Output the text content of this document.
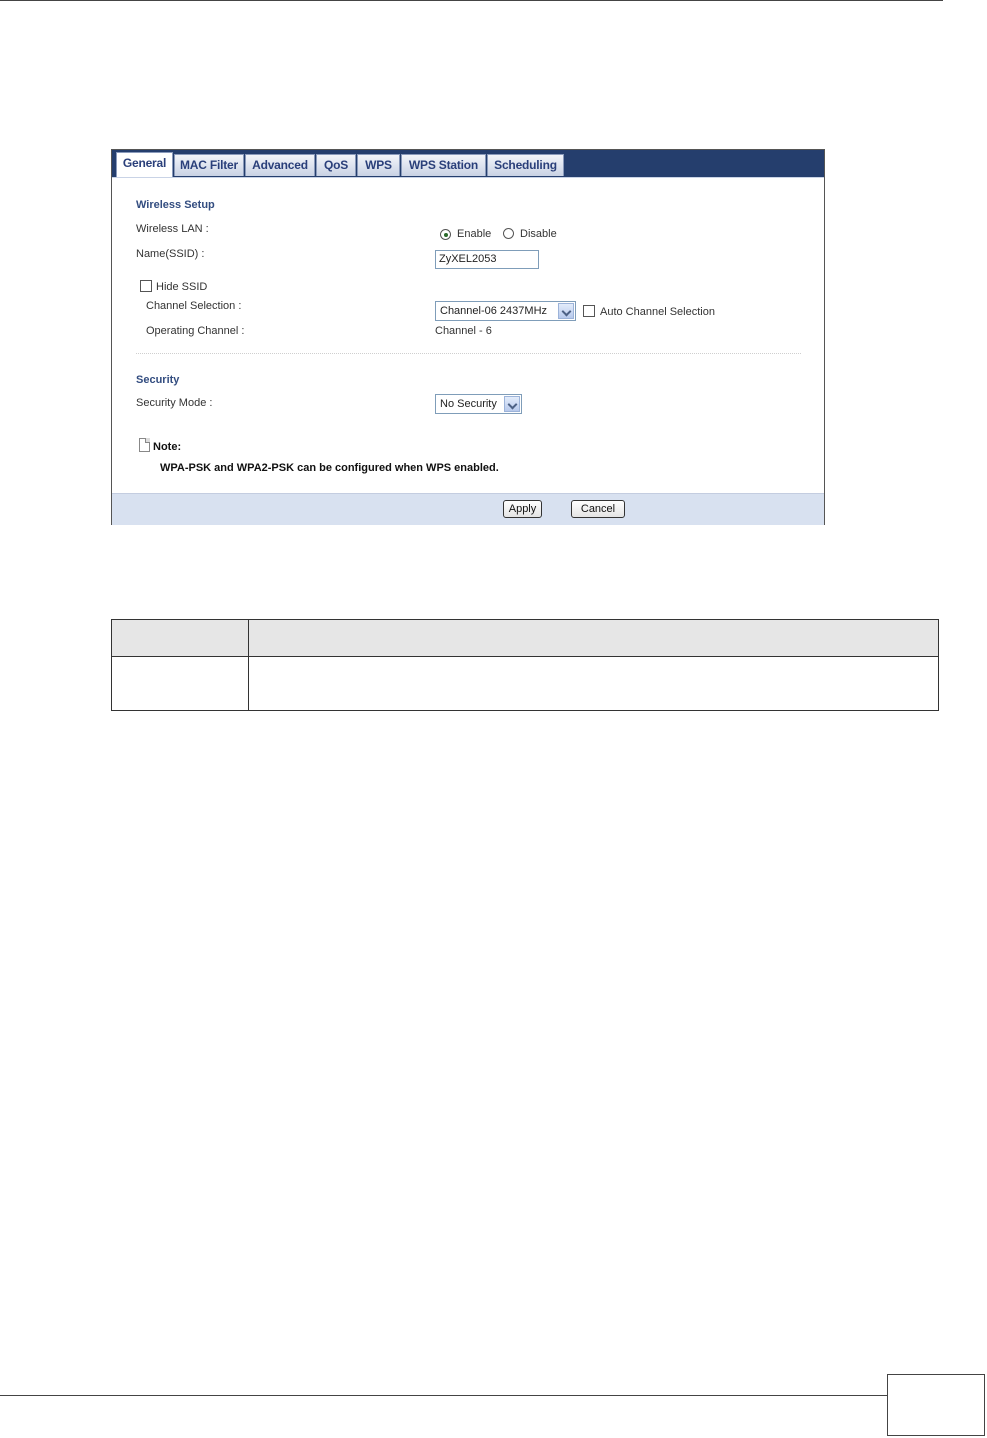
General	MAC Filter	Advanced	QoS	WPS	WPS Station	Scheduling
Wireless Setup
Wireless LAN :	Enable	Disable
Name(SSID) :	ZyXEL2053
Hide SSID
Channel Selection :	Channel-06 2437MHz	Auto Channel Selection
Operating Channel :	Channel - 6
Security
Security Mode :	No Security
Note:
WPA-PSK and WPA2-PSK can be configured when WPS enabled.
Apply	Cancel
